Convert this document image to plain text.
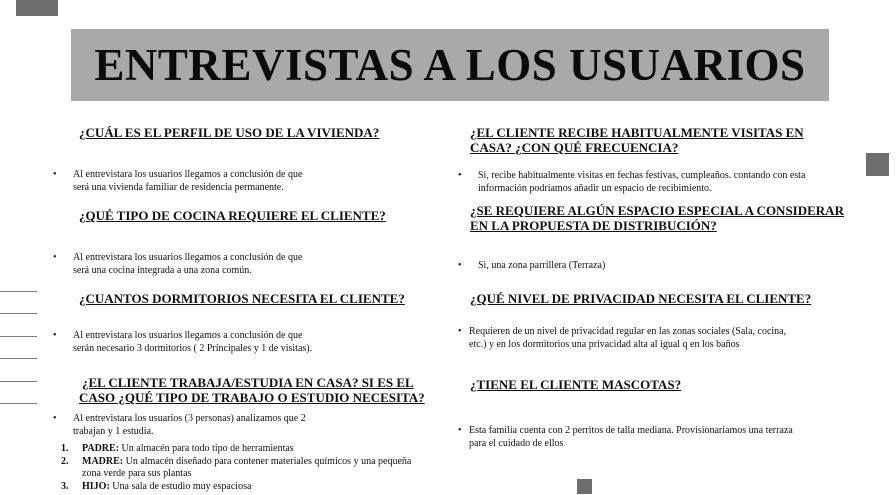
ENTREVISTAS A LOS USUARIOS

¿CUÁL ES EL PERFIL DE USO DE LA VIVIENDA?

• Al entrevistara los usuarios llegamos a conclusión de que

será una vivienda familiar de residencia permanente.

¿QUÉ TIPO DE COCINA REQUIERE EL CLIENTE?

• Al entrevistara los usuarios llegamos a conclusión de que

será una cocina integrada a una zona común.

¿CUANTOS DORMITORIOS NECESITA EL CLIENTE?

• Al entrevistara los usuarios llegamos a conclusión de que

serán necesario 3 dormitorios ( 2 Principales y 1 de visitas).

¿EL CLIENTE TRABAJA/ESTUDIA EN CASA? SI ES EL

CASO ¿QUÉ TIPO DE TRABAJO O ESTUDIO NECESITA?

• Al entrevistara los usuarios (3 personas) analizamos que 2

trabajan y 1 estudia.

1. PADRE: Un almacén para todo tipo de herramientas
2. MADRE: Un almacén diseñado para contener materiales químicos y una pequeña zona verde para sus plantas
3. HIJO: Una sala de estudio muy espaciosa

¿EL CLIENTE RECIBE HABITUALMENTE VISITAS EN

CASA? ¿CON QUÉ FRECUENCIA?

• Si, recibe habitualmente visitas en fechas festivas, cumpleaños. contando con esta

información podríamos añadir un espacio de recibimiento.

¿SE REQUIERE ALGÚN ESPACIO ESPECIAL A CONSIDERAR

EN LA PROPUESTA DE DISTRIBUCIÓN?

• Si, una zona parrillera (Terraza)

¿QUÉ NIVEL DE PRIVACIDAD NECESITA EL CLIENTE?

• Requieren de un nivel de privacidad regular en las zonas sociales (Sala, cocina,

etc.) y en los dormitorios una privacidad alta al igual q en los baños

¿TIENE EL CLIENTE MASCOTAS?

• Esta familia cuenta con 2 perritos de talla mediana. Provisionariamos una terraza

para el cuidado de ellos
